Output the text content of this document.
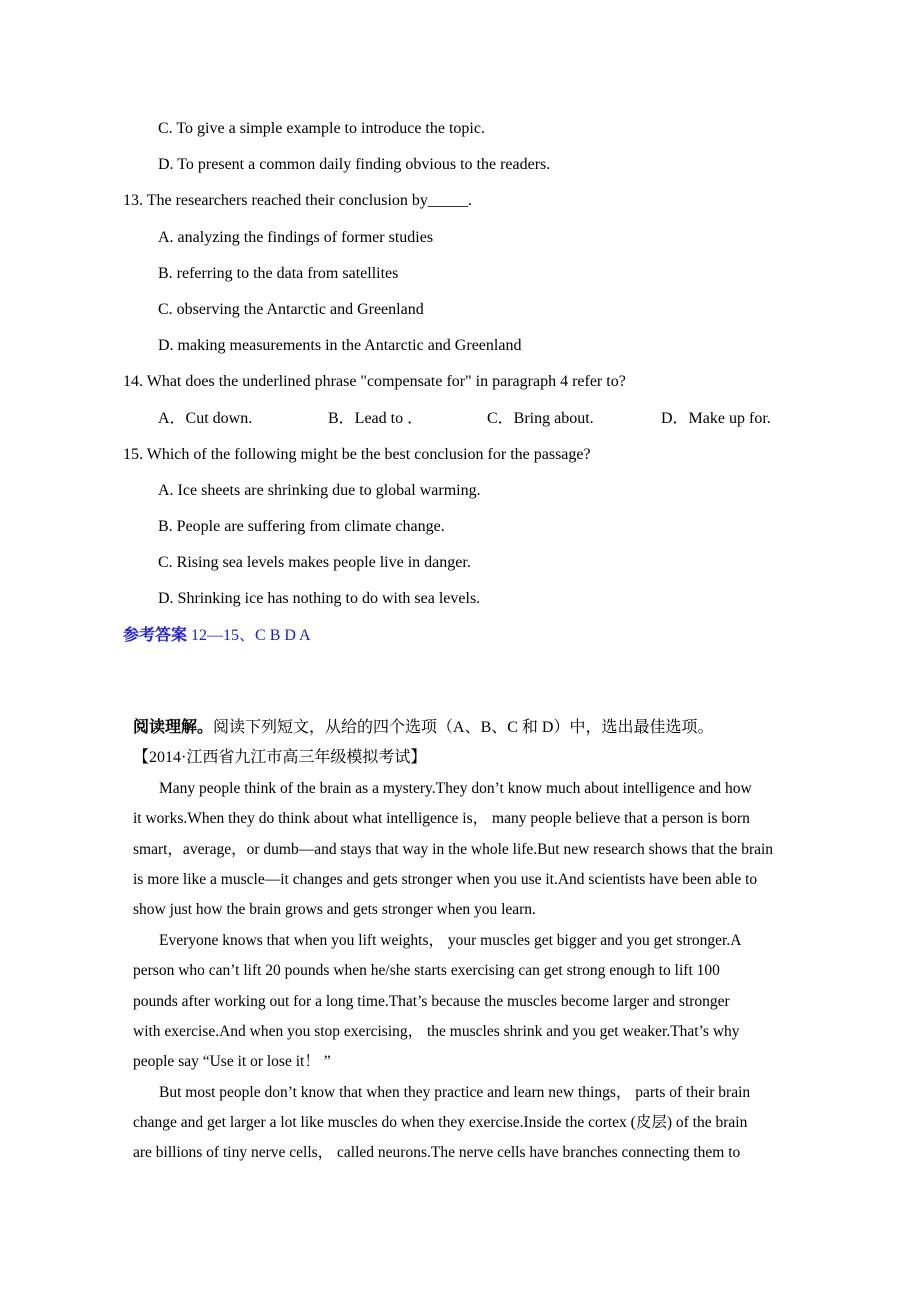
C. To give a simple example to introduce the topic.
D. To present a common daily finding obvious to the readers.
13. The researchers reached their conclusion by_____.
A. analyzing the findings of former studies
B. referring to the data from satellites
C. observing the Antarctic and Greenland
D. making measurements in the Antarctic and Greenland
14. What does the underlined phrase "compensate for" in paragraph 4 refer to?
A．Cut down.	B．Lead to ．	C．Bring about.	D．Make up for.
15. Which of the following might be the best conclusion for the passage?
A. Ice sheets are shrinking due to global warming.
B. People are suffering from climate change.
C. Rising sea levels makes people live in danger.
D. Shrinking ice has nothing to do with sea levels.
参考答案 12—15、C B D A
阅读理解。阅读下列短文，从给的四个选项（A、B、C 和 D）中，选出最佳选项。
【2014·江西省九江市高三年级模拟考试】
Many people think of the brain as a mystery.They don’t know much about intelligence and how
it works.When they do think about what intelligence is， many people believe that a person is born
smart，average，or dumb—and stays that way in the whole life.But new research shows that the brain
is more like a muscle—it changes and gets stronger when you use it.And scientists have been able to
show just how the brain grows and gets stronger when you learn.
Everyone knows that when you lift weights， your muscles get bigger and you get stronger.A
person who can’t lift 20 pounds when he/she starts exercising can get strong enough to lift 100
pounds after working out for a long time.That’s because the muscles become larger and stronger
with exercise.And when you stop exercising， the muscles shrink and you get weaker.That’s why
people say “Use it or lose it！ ”
But most people don’t know that when they practice and learn new things， parts of their brain
change and get larger a lot like muscles do when they exercise.Inside the cortex (皮层) of the brain
are billions of tiny nerve cells， called neurons.The nerve cells have branches connecting them to
